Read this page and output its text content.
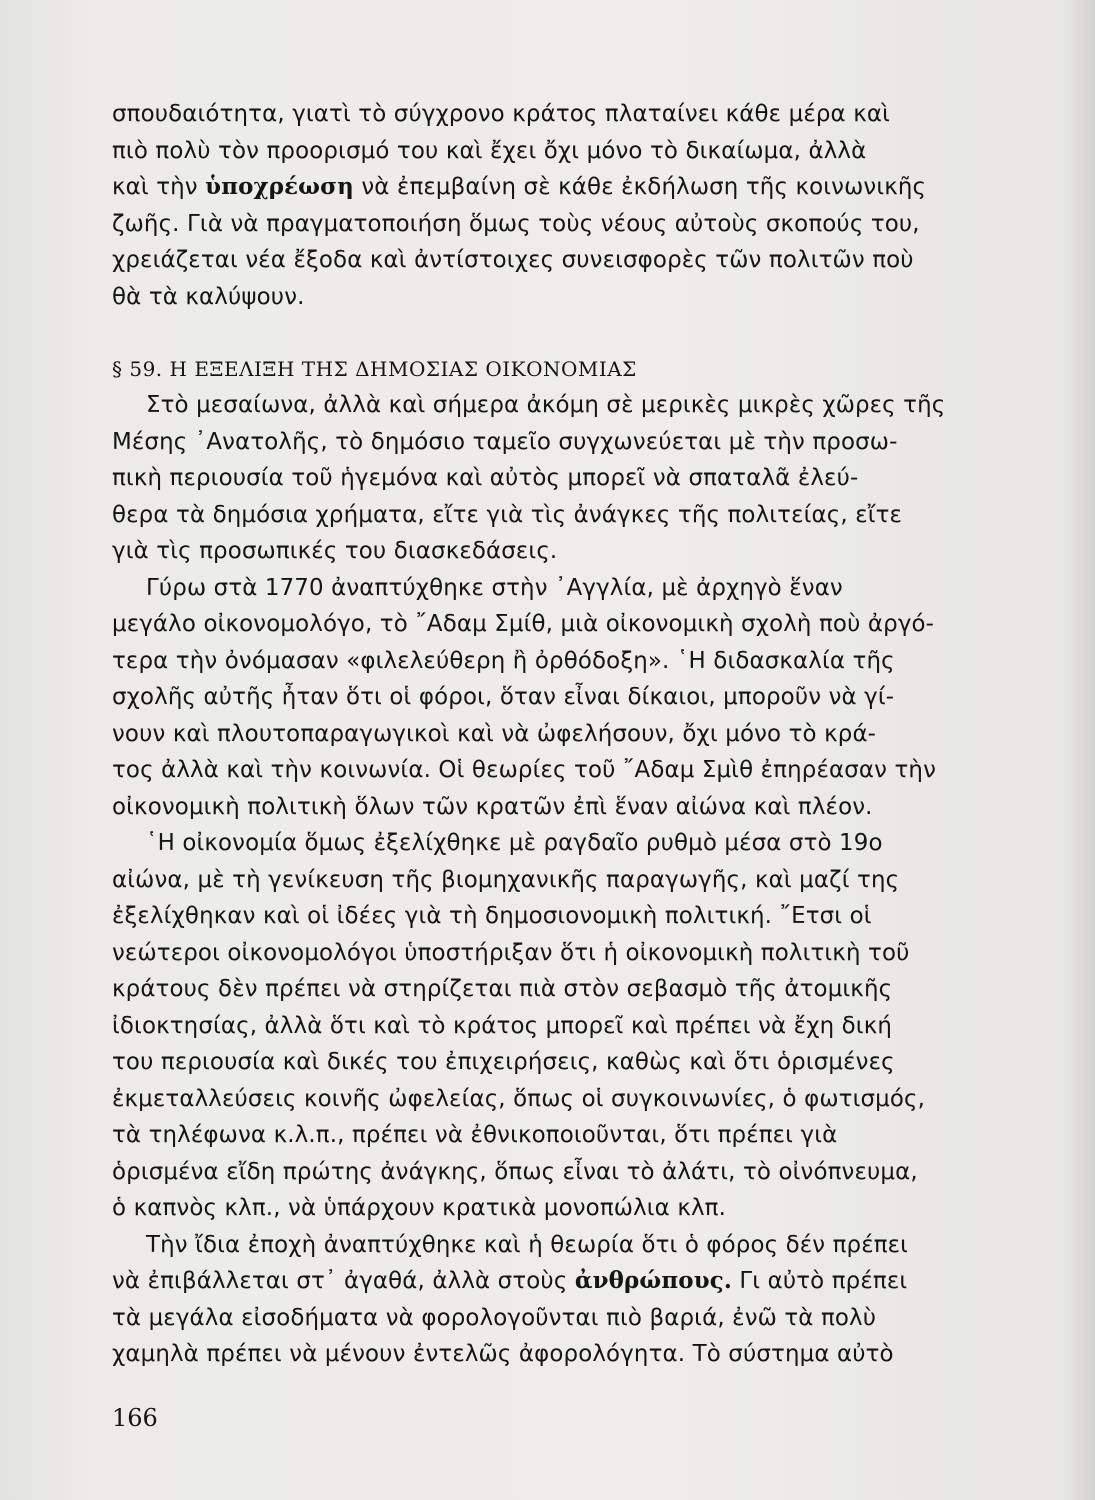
σπουδαιότητα, γιατὶ τὸ σύγχρονο κράτος πλαταίνει κάθε μέρα καὶ
πιὸ πολὺ τὸν προορισμό του καὶ ἔχει ὄχι μόνο τὸ δικαίωμα, ἀλλὰ
καὶ τὴν ὑποχρέωση νὰ ἐπεμβαίνη σὲ κάθε ἐκδήλωση τῆς κοινωνικῆς
ζωῆς. Γιὰ νὰ πραγματοποιήση ὅμως τοὺς νέους αὐτοὺς σκοπούς του,
χρειάζεται νέα ἔξοδα καὶ ἀντίστοιχες συνεισφορὲς τῶν πολιτῶν ποὺ
θὰ τὰ καλύψουν.
§ 59. Η ΕΞΕΛΙΞΗ ΤΗΣ ΔΗΜΟΣΙΑΣ ΟΙΚΟΝΟΜΙΑΣ
Στὸ μεσαίωνα, ἀλλὰ καὶ σήμερα ἀκόμη σὲ μερικὲς μικρὲς χῶρες τῆς
Μέσης ᾿Ανατολῆς, τὸ δημόσιο ταμεῖο συγχωνεύεται μὲ τὴν προσω-
πικὴ περιουσία τοῦ ἡγεμόνα καὶ αὐτὸς μπορεῖ νὰ σπαταλᾶ ἐλεύ-
θερα τὰ δημόσια χρήματα, εἴτε γιὰ τὶς ἀνάγκες τῆς πολιτείας, εἴτε
γιὰ τὶς προσωπικές του διασκεδάσεις.
Γύρω στὰ 1770 ἀναπτύχθηκε στὴν ᾿Αγγλία, μὲ ἀρχηγὸ ἕναν
μεγάλο οἰκονομολόγο, τὸ ῎Αδαμ Σμίθ, μιὰ οἰκονομικὴ σχολὴ ποὺ ἀργό-
τερα τὴν ὀνόμασαν «φιλελεύθερη ἢ ὀρθόδοξη». ῾Η διδασκαλία τῆς
σχολῆς αὐτῆς ἦταν ὅτι οἱ φόροι, ὅταν εἶναι δίκαιοι, μποροῦν νὰ γί-
νουν καὶ πλουτοπαραγωγικοὶ καὶ νὰ ὠφελήσουν, ὄχι μόνο τὸ κρά-
τος ἀλλὰ καὶ τὴν κοινωνία. Οἱ θεωρίες τοῦ ῎Αδαμ Σμὶθ ἐπηρέασαν τὴν
οἰκονομικὴ πολιτικὴ ὅλων τῶν κρατῶν ἐπὶ ἕναν αἰώνα καὶ πλέον.
῾Η οἰκονομία ὅμως ἐξελίχθηκε μὲ ραγδαῖο ρυθμὸ μέσα στὸ 19ο
αἰώνα, μὲ τὴ γενίκευση τῆς βιομηχανικῆς παραγωγῆς, καὶ μαζί της
ἐξελίχθηκαν καὶ οἱ ἰδέες γιὰ τὴ δημοσιονομικὴ πολιτική. ῎Ετσι οἱ
νεώτεροι οἰκονομολόγοι ὑποστήριξαν ὅτι ἡ οἰκονομικὴ πολιτικὴ τοῦ
κράτους δὲν πρέπει νὰ στηρίζεται πιὰ στὸν σεβασμὸ τῆς ἀτομικῆς
ἰδιοκτησίας, ἀλλὰ ὅτι καὶ τὸ κράτος μπορεῖ καὶ πρέπει νὰ ἔχη δική
του περιουσία καὶ δικές του ἐπιχειρήσεις, καθὼς καὶ ὅτι ὁρισμένες
ἐκμεταλλεύσεις κοινῆς ὠφελείας, ὅπως οἱ συγκοινωνίες, ὁ φωτισμός,
τὰ τηλέφωνα κ.λ.π., πρέπει νὰ ἐθνικοποιοῦνται, ὅτι πρέπει γιὰ
ὁρισμένα εἴδη πρώτης ἀνάγκης, ὅπως εἶναι τὸ ἀλάτι, τὸ οἰνόπνευμα,
ὁ καπνὸς κλπ., νὰ ὑπάρχουν κρατικὰ μονοπώλια κλπ.
Τὴν ἴδια ἐποχὴ ἀναπτύχθηκε καὶ ἡ θεωρία ὅτι ὁ φόρος δέν πρέπει
νὰ ἐπιβάλλεται στ᾿ ἀγαθά, ἀλλὰ στοὺς ἀνθρώπους. Γι αὐτὸ πρέπει
τὰ μεγάλα εἰσοδήματα νὰ φορολογοῦνται πιὸ βαριά, ἐνῶ τὰ πολὺ
χαμηλὰ πρέπει νὰ μένουν ἐντελῶς ἀφορολόγητα. Τὸ σύστημα αὐτὸ
166
